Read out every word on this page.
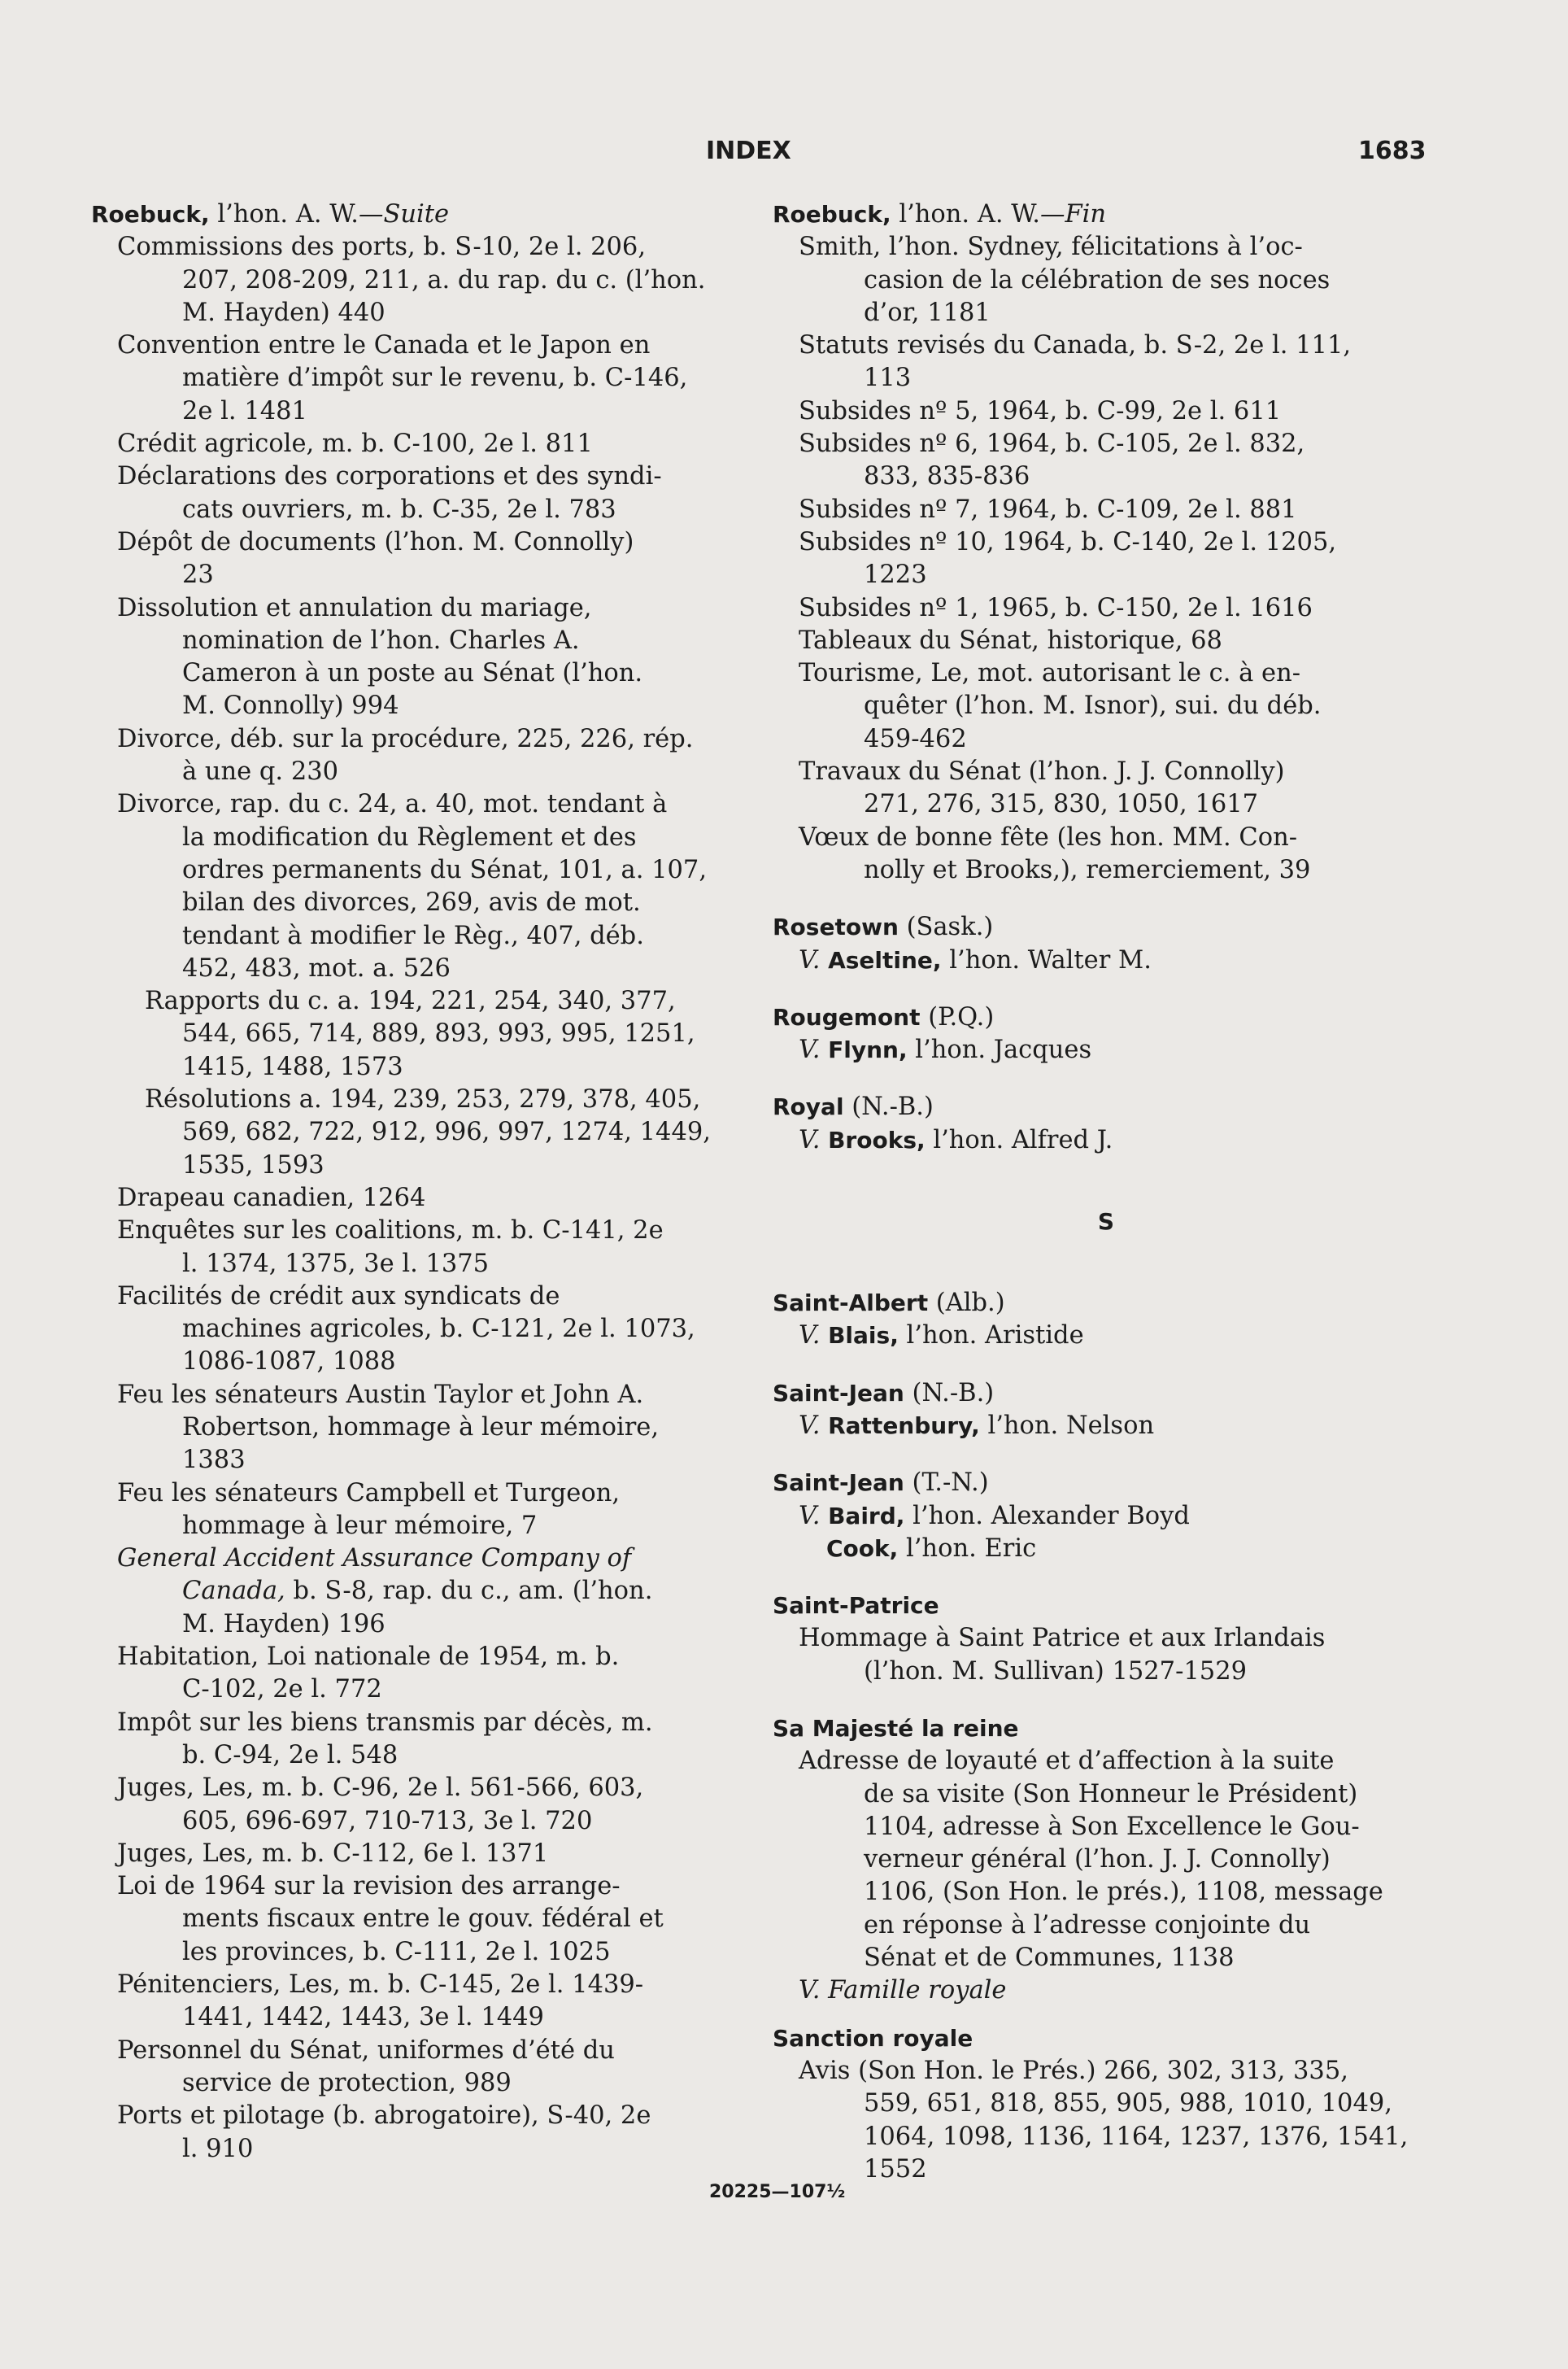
INDEX	1683
Roebuck, l’hon. A. W.—Suite
Commissions des ports, b. S-10, 2e l. 206,
207, 208-209, 211, a. du rap. du c. (l’hon.
M. Hayden) 440
Convention entre le Canada et le Japon en
matière d’impôt sur le revenu, b. C-146,
2e l. 1481
Crédit agricole, m. b. C-100, 2e l. 811
Déclarations des corporations et des syndi-
cats ouvriers, m. b. C-35, 2e l. 783
Dépôt de documents (l’hon. M. Connolly)
23
Dissolution et annulation du mariage,
nomination de l’hon. Charles A.
Cameron à un poste au Sénat (l’hon.
M. Connolly) 994
Divorce, déb. sur la procédure, 225, 226, rép.
à une q. 230
Divorce, rap. du c. 24, a. 40, mot. tendant à
la modification du Règlement et des
ordres permanents du Sénat, 101, a. 107,
bilan des divorces, 269, avis de mot.
tendant à modifier le Règ., 407, déb.
452, 483, mot. a. 526
Rapports du c. a. 194, 221, 254, 340, 377,
544, 665, 714, 889, 893, 993, 995, 1251,
1415, 1488, 1573
Résolutions a. 194, 239, 253, 279, 378, 405,
569, 682, 722, 912, 996, 997, 1274, 1449,
1535, 1593
Drapeau canadien, 1264
Enquêtes sur les coalitions, m. b. C-141, 2e
l. 1374, 1375, 3e l. 1375
Facilités de crédit aux syndicats de
machines agricoles, b. C-121, 2e l. 1073,
1086-1087, 1088
Feu les sénateurs Austin Taylor et John A.
Robertson, hommage à leur mémoire,
1383
Feu les sénateurs Campbell et Turgeon,
hommage à leur mémoire, 7
General Accident Assurance Company of
Canada, b. S-8, rap. du c., am. (l’hon.
M. Hayden) 196
Habitation, Loi nationale de 1954, m. b.
C-102, 2e l. 772
Impôt sur les biens transmis par décès, m.
b. C-94, 2e l. 548
Juges, Les, m. b. C-96, 2e l. 561-566, 603,
605, 696-697, 710-713, 3e l. 720
Juges, Les, m. b. C-112, 6e l. 1371
Loi de 1964 sur la revision des arrange-
ments fiscaux entre le gouv. fédéral et
les provinces, b. C-111, 2e l. 1025
Pénitenciers, Les, m. b. C-145, 2e l. 1439-
1441, 1442, 1443, 3e l. 1449
Personnel du Sénat, uniformes d’été du
service de protection, 989
Ports et pilotage (b. abrogatoire), S-40, 2e
l. 910
Roebuck, l’hon. A. W.—Fin
Smith, l’hon. Sydney, félicitations à l’oc-
casion de la célébration de ses noces
d’or, 1181
Statuts revisés du Canada, b. S-2, 2e l. 111,
113
Subsides nº 5, 1964, b. C-99, 2e l. 611
Subsides nº 6, 1964, b. C-105, 2e l. 832,
833, 835-836
Subsides nº 7, 1964, b. C-109, 2e l. 881
Subsides nº 10, 1964, b. C-140, 2e l. 1205,
1223
Subsides nº 1, 1965, b. C-150, 2e l. 1616
Tableaux du Sénat, historique, 68
Tourisme, Le, mot. autorisant le c. à en-
quêter (l’hon. M. Isnor), sui. du déb.
459-462
Travaux du Sénat (l’hon. J. J. Connolly)
271, 276, 315, 830, 1050, 1617
Vœux de bonne fête (les hon. MM. Con-
nolly et Brooks,), remerciement, 39
Rosetown (Sask.)
V. Aseltine, l’hon. Walter M.
Rougemont (P.Q.)
V. Flynn, l’hon. Jacques
Royal (N.-B.)
V. Brooks, l’hon. Alfred J.
S
Saint-Albert (Alb.)
V. Blais, l’hon. Aristide
Saint-Jean (N.-B.)
V. Rattenbury, l’hon. Nelson
Saint-Jean (T.-N.)
V. Baird, l’hon. Alexander Boyd
Cook, l’hon. Eric
Saint-Patrice
Hommage à Saint Patrice et aux Irlandais
(l’hon. M. Sullivan) 1527-1529
Sa Majesté la reine
Adresse de loyauté et d’affection à la suite
de sa visite (Son Honneur le Président)
1104, adresse à Son Excellence le Gou-
verneur général (l’hon. J. J. Connolly)
1106, (Son Hon. le prés.), 1108, message
en réponse à l’adresse conjointe du
Sénat et de Communes, 1138
V. Famille royale
Sanction royale
Avis (Son Hon. le Prés.) 266, 302, 313, 335,
559, 651, 818, 855, 905, 988, 1010, 1049,
1064, 1098, 1136, 1164, 1237, 1376, 1541,
1552
20225—107½
